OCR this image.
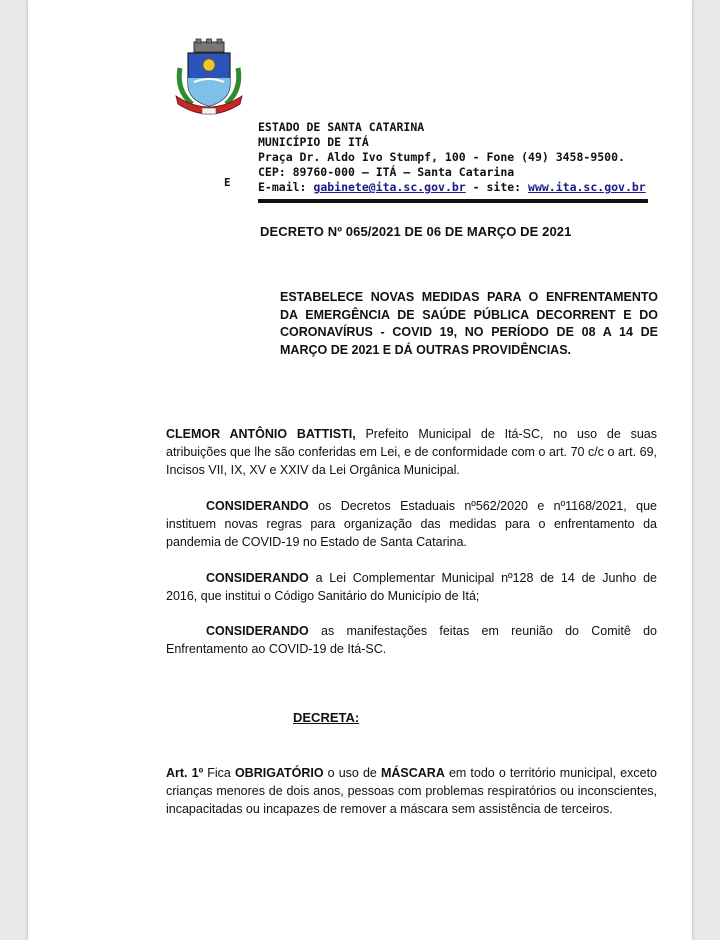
ESTADO DE SANTA CATARINA
MUNICÍPIO DE ITÁ
Praça Dr. Aldo Ivo Stumpf, 100 - Fone (49) 3458-9500.
CEP: 89760-000 – ITÁ – Santa Catarina
E-mail: gabinete@ita.sc.gov.br - site: www.ita.sc.gov.br
E
DECRETO Nº 065/2021 DE 06 DE MARÇO DE 2021
ESTABELECE NOVAS MEDIDAS PARA O ENFRENTAMENTO DA EMERGÊNCIA DE SAÚDE PÚBLICA DECORRENT E DO CORONAVÍRUS - COVID 19, NO PERÍODO DE 08 A 14 DE MARÇO DE 2021 E DÁ OUTRAS PROVIDÊNCIAS.
CLEMOR ANTÔNIO BATTISTI, Prefeito Municipal de Itá-SC, no uso de suas atribuições que lhe são conferidas em Lei, e de conformidade com o art. 70 c/c o art. 69, Incisos VII, IX, XV e XXIV da Lei Orgânica Municipal.
CONSIDERANDO os Decretos Estaduais nº562/2020 e nº1168/2021, que instituem novas regras para organização das medidas para o enfrentamento da pandemia de COVID-19 no Estado de Santa Catarina.
CONSIDERANDO a Lei Complementar Municipal nº128 de 14 de Junho de 2016, que institui o Código Sanitário do Município de Itá;
CONSIDERANDO as manifestações feitas em reunião do Comitê do Enfrentamento ao COVID-19 de Itá-SC.
DECRETA:
Art. 1º Fica OBRIGATÓRIO o uso de MÁSCARA em todo o território municipal, exceto crianças menores de dois anos, pessoas com problemas respiratórios ou inconscientes, incapacitadas ou incapazes de remover a máscara sem assistência de terceiros.
